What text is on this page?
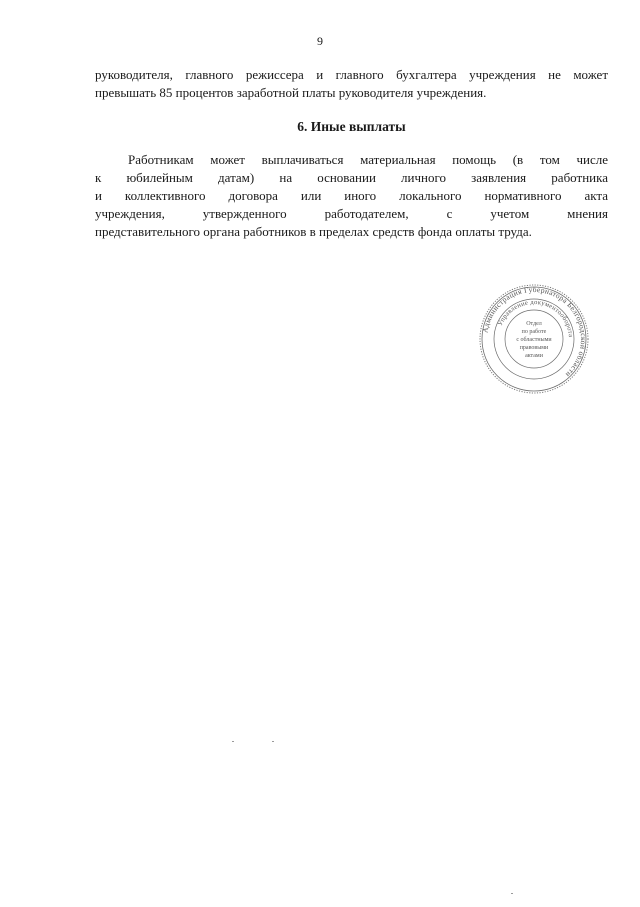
9
руководителя, главного режиссера и главного бухгалтера учреждения не может
превышать 85 процентов заработной платы руководителя учреждения.
6. Иные выплаты
Работникам может выплачиваться материальная помощь (в том числе
к юбилейным датам) на основании личного заявления работника
и коллективного договора или иного локального нормативного акта
учреждения, утвержденного работодателем, с учетом мнения
представительного органа работников в пределах средств фонда оплаты труда.
Администрация Губернатора Белгородской области
Управление документооборота
Отдел
по работе
с областными
правовыми
актами
